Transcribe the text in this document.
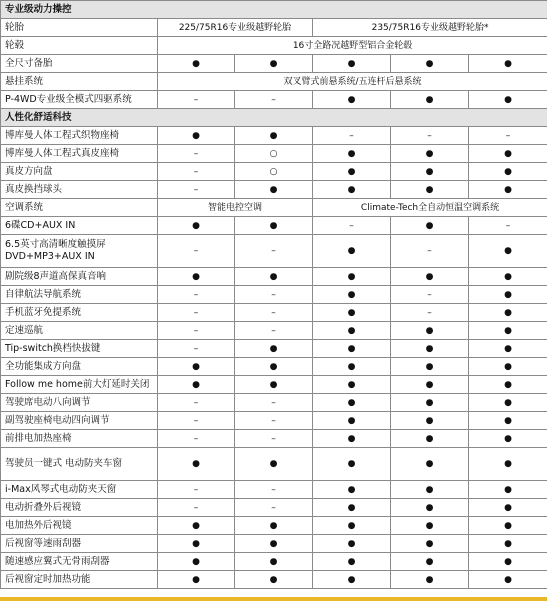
专业级动力操控					
轮胎	225/75R16专业级越野轮胎		235/75R16专业级越野轮胎*		
轮毂	16寸全路况越野型铝合金轮毂				
全尺寸备胎	●	●	●	●	●
悬挂系统	双叉臂式前悬系统/五连杆后悬系统				
P-4WD专业级全模式四驱系统	–	–	●	●	●
人性化舒适科技					
博库曼人体工程式织物座椅	●	●	–	–	–
博库曼人体工程式真皮座椅	–	○	●	●	●
真皮方向盘	–	○	●	●	●
真皮换挡球头	–	●	●	●	●
空调系统	智能电控空调		Climate-Tech全自动恒温空调系统		
6碟CD+AUX IN	●	●	–	●	–
6.5英寸高清晰度触摸屏 DVD+MP3+AUX IN	–	–	●	–	●
剧院级8声道高保真音响	●	●	●	●	●
自律航法导航系统	–	–	●	–	●
手机蓝牙免提系统	–	–	●	–	●
定速巡航	–	–	●	●	●
Tip-switch换档快拔键	–	●	●	●	●
全功能集成方向盘	●	●	●	●	●
Follow me home前大灯延时关闭	●	●	●	●	●
驾驶席电动八向调节	–	–	●	●	●
副驾驶座椅电动四向调节	–	–	●	●	●
前排电加热座椅	–	–	●	●	●
驾驶员一键式 电动防夹车窗	●	●	●	●	●
i-Max风琴式电动防夹天窗	–	–	●	●	●
电动折叠外后视镜	–	–	●	●	●
电加热外后视镜	●	●	●	●	●
后视窗等速雨刮器	●	●	●	●	●
随速感应翼式无骨雨刮器	●	●	●	●	●
后视窗定时加热功能	●	●	●	●	●
